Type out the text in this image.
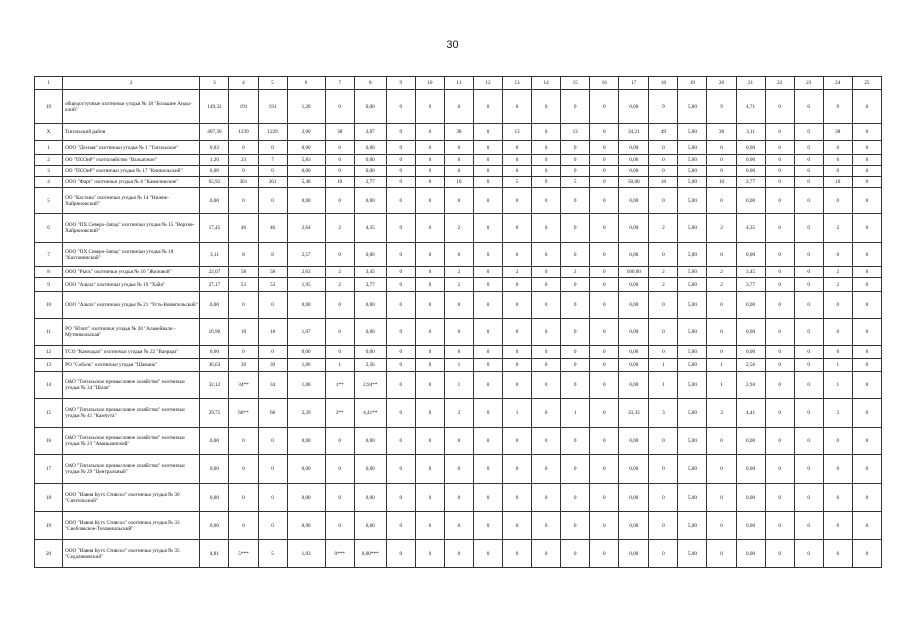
30
1	2	3	4	5	6	7	8	9	10	11	12	13	14	15	16	17	18	19	20	21	22	23	24	25
19	общедоступные охотничьи угодья № 18 "Большие Анды-клий"	149,32	191	191	1,28	0	0,00	0	0	0	0	0	0	0	0	0,00	9	5,00	9	4,71	0	0	9	0
X	Тигильский район	407,30	1239	1229	3,00	38	3,07	0	0	38	0	13	0	13	0	34,21	49	5,00	38	3,11	0	0	38	0
1	ООО "Десная" охотничьи угодья № 1 "Тигильское"	0,03	0	0	0,00	0	0,00	0	0	0	0	0	0	0	0	0,00	0	5,00	0	0,00	0	0	0	0
2	ОО "ПСОиР" охотхозяйство "Вальатжон"	1,20	23	7	5,83	0	0,00	0	0	0	0	0	0	0	0	0,00	0	5,00	0	0,00	0	0	0	0
3	ОО "ПСОиР" охотничьи угодья № 17 "Кинкильский"	0,00	0	0	0,00	0	0,00	0	0	0	0	0	0	0	0	0,00	0	5,00	0	0,00	0	0	0	0
4	ООО "Фарт" охотничьи угодья № 6 "Камилинские"	65,92	361	361	5,48	10	2,77	0	0	10	0	5	0	5	0	50,00	18	5,00	10	2,77	0	0	10	0
5	ОО "Кастана" охотничьи угодья № 14 "Нижне-Хайрюзовский"	0,00	0	0	0,00	0	0,00	0	0	0	0	0	0	0	0	0,00	0	5,00	0	0,00	0	0	0	0
6	ООО "ПХ Северо-Запад" охотничьи угодья № 15 "Верхне-Хайрюзовский"	17,45	46	46	2,64	2	4,35	0	0	2	0	0	0	0	0	0,00	2	5,00	2	4,35	0	0	2	0
7	ООО "ПХ Северо-Запад" охотничьи угодья № 18 "Кахтанинский"	3,11	8	8	2,57	0	0,00	0	0	0	0	0	0	0	0	0,00	0	5,00	0	0,00	0	0	0	0
8	ООО "Рыск" охотничьи угодья № 16 "Жиловой"	22,07	58	58	2,63	2	3,45	0	0	2	0	2	0	2	0	100,00	2	5,00	2	3,45	0	0	2	0
9	ООО "Альпа" охотничьи угодья № 19 "Хайл"	27,17	53	53	1,95	2	3,77	0	0	2	0	0	0	0	0	0,00	2	5,00	2	3,77	0	0	2	0
10	ООО "Альпа" охотничьи угодья № 21 "Усть-Воямпольский"	0,00	0	0	0,00	0	0,00	0	0	0	0	0	0	0	0	0,00	0	5,00	0	0,00	0	0	0	0
11	РО "Юлит" охотничьи угодья № 20 "Альвейвали - Мутникольская"	16,90	18	18	1,07	0	0,00	0	0	0	0	0	0	0	0	0,00	0	5,00	0	0,00	0	0	0	0
12	ТСО "Камчадал" охотничьи угодья № 22 "Ваерара"	0,00	0	0	0,00	0	0,00	0	0	0	0	0	0	0	0	0,00	0	5,00	0	0,00	0	0	0	0
13	РО "Соболь" охотничьи угодья "Шамань"	36,63	39	39	1,06	1	2,56	0	0	1	0	0	0	0	0	0,00	1	5,00	1	2,56	0	0	1	0
14	ОАО "Тигильское промысловое хозяйство" охотничьи угодья № 34 "Шлак"	32,12	34**	34	1,06	1**	2,94**	0	0	1	0	0	0	0	0	0,00	1	5,00	1	2,94	0	0	1	0
15	ОАО "Тигильское промысловое хозяйство" охотничьи угодья № 41 "Камчута"	29,75	68**	68	2,29	3**	4,41**	0	0	3	0	1	0	1	0	33,33	3	5,00	3	4,41	0	0	3	0
16	ОАО "Тигильское промысловое хозяйство" охотничьи угодья № 23 "Аваньаинский"	0,00	0	0	0,00	0	0,00	0	0	0	0	0	0	0	0	0,00	0	5,00	0	0,00	0	0	0	0
17	ОАО "Тигильское промысловое хозяйство" охотничьи угодья № 29 "Центральный"	0,00	0	0	0,00	0	0,00	0	0	0	0	0	0	0	0	0,00	0	5,00	0	0,00	0	0	0	0
18	ООО "Иавия Кутх Стивсол" охотничьи угодья № 30 "Снегильский"	0,00	0	0	0,00	0	0,00	0	0	0	0	0	0	0	0	0,00	0	5,00	0	0,00	0	0	0	0
19	ООО "Иавия Кутх Стивсол" охотничьи угодья № 33 "Снеблавское-Тихвинильский"	0,00	0	0	0,00	0	0,00	0	0	0	0	0	0	0	0	0,00	0	5,00	0	0,00	0	0	0	0
20	ООО "Иавия Кутх Стивсол" охотничьи угодья № 35 "Седаливовский"	4,81	5***	5	1,03	0***	0,00***	0	0	0	0	0	0	0	0	0,00	0	5,00	0	0,00	0	0	0	0
